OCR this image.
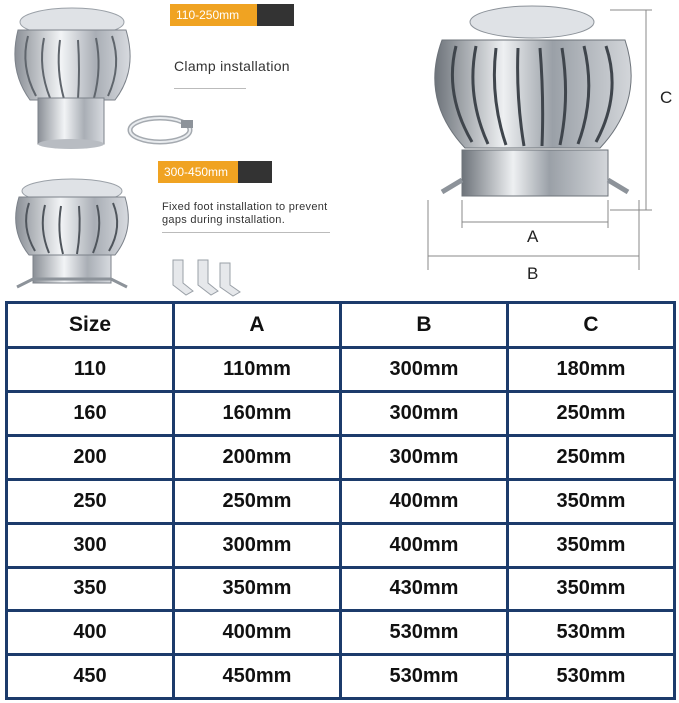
110-250mm
Clamp installation
300-450mm
Fixed foot installation to prevent
gaps during installation.
C
A
B
Size	A	B	C
110	110mm	300mm	180mm
160	160mm	300mm	250mm
200	200mm	300mm	250mm
250	250mm	400mm	350mm
300	300mm	400mm	350mm
350	350mm	430mm	350mm
400	400mm	530mm	530mm
450	450mm	530mm	530mm
